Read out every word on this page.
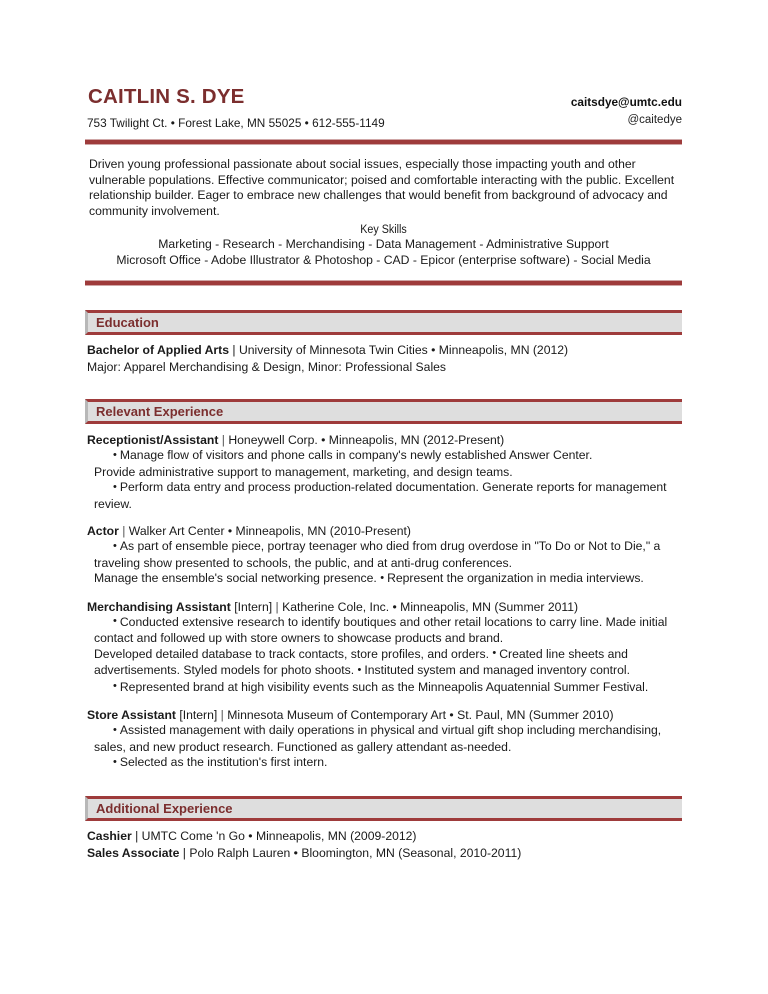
CAITLIN S. DYE
753 Twilight Ct. • Forest Lake, MN 55025 • 612-555-1149
caitsdye@umtc.edu
@caitedye

Driven young professional passionate about social issues, especially those impacting youth and other vulnerable populations. Effective communicator; poised and comfortable interacting with the public. Excellent relationship builder. Eager to embrace new challenges that would benefit from background of advocacy and community involvement.

Key Skills
Marketing - Research - Merchandising - Data Management - Administrative Support
Microsoft Office - Adobe Illustrator & Photoshop - CAD - Epicor (enterprise software) - Social Media
Education
Bachelor of Applied Arts | University of Minnesota Twin Cities • Minneapolis, MN (2012)
Major: Apparel Merchandising & Design, Minor: Professional Sales
Relevant Experience
Receptionist/Assistant | Honeywell Corp. • Minneapolis, MN (2012-Present)

• Manage flow of visitors and phone calls in company's newly established Answer Center.

Provide administrative support to management, marketing, and design teams.

• Perform data entry and process production-related documentation. Generate reports for management review.

Actor | Walker Art Center • Minneapolis, MN (2010-Present)

• As part of ensemble piece, portray teenager who died from drug overdose in "To Do or Not to Die," a traveling show presented to schools, the public, and at anti-drug conferences.

Manage the ensemble's social networking presence. • Represent the organization in media interviews.

Merchandising Assistant [Intern] | Katherine Cole, Inc. • Minneapolis, MN (Summer 2011)

• Conducted extensive research to identify boutiques and other retail locations to carry line. Made initial contact and followed up with store owners to showcase products and brand.

Developed detailed database to track contacts, store profiles, and orders. • Created line sheets and advertisements. Styled models for photo shoots. • Instituted system and managed inventory control.

• Represented brand at high visibility events such as the Minneapolis Aquatennial Summer Festival.

Store Assistant [Intern] | Minnesota Museum of Contemporary Art • St. Paul, MN (Summer 2010)

• Assisted management with daily operations in physical and virtual gift shop including merchandising, sales, and new product research. Functioned as gallery attendant as-needed.

• Selected as the institution's first intern.

Additional Experience
Cashier | UMTC Come 'n Go • Minneapolis, MN (2009-2012)
Sales Associate | Polo Ralph Lauren • Bloomington, MN (Seasonal, 2010-2011)
